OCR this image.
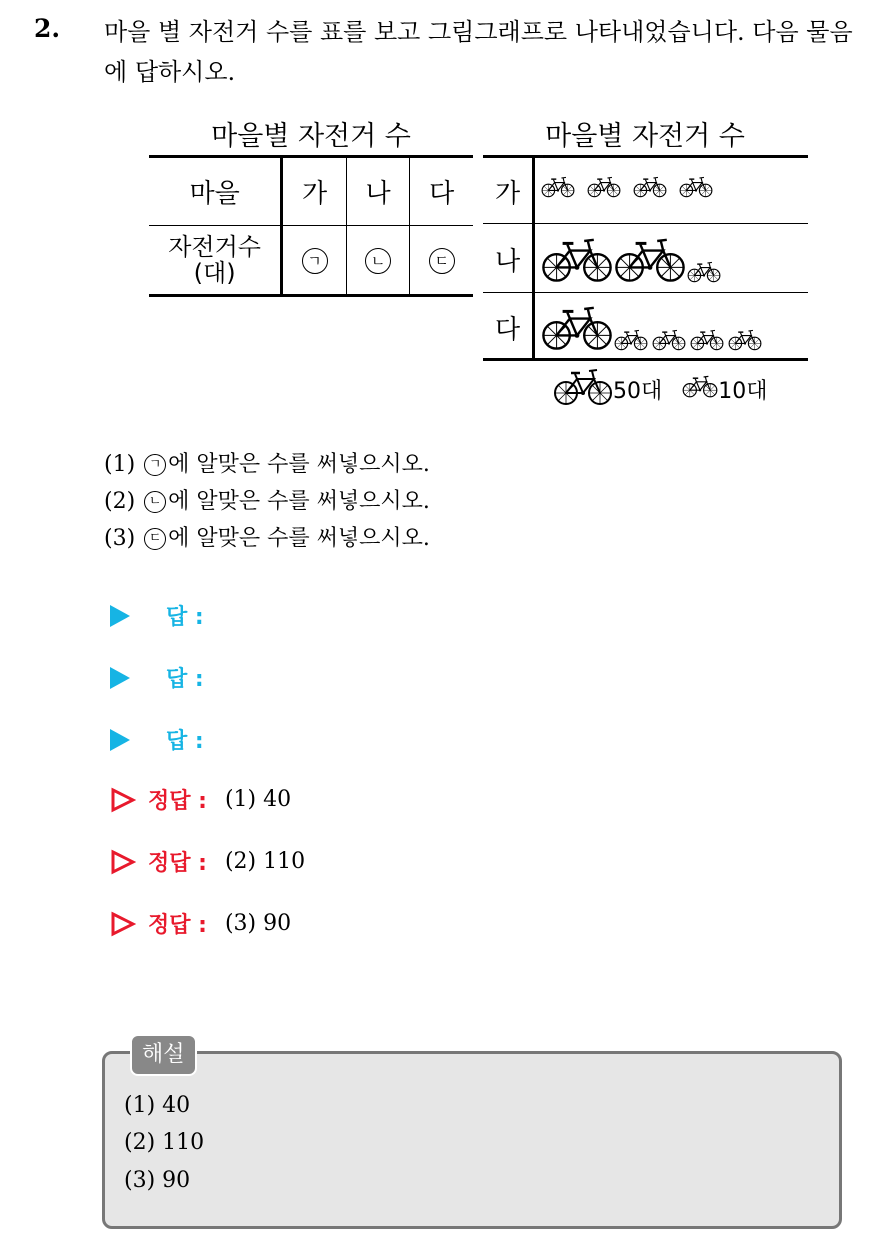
2. 마을 별 자전거 수를 표를 보고 그림그래프로 나타내었습니다. 다음 물음에 답하시오.
마을별 자전거 수
마을	가	나	다

자전거수
(대)	ㄱ	ㄴ	ㄷ
마을별 자전거 수
가
나
다
50대	10대
(1) ㄱ 에 알맞은 수를 써넣으시오.
(2) ㄴ 에 알맞은 수를 써넣으시오.
(3) ㄷ 에 알맞은 수를 써넣으시오.
답 :
답 :
답 :
정답 : (1) 40
정답 : (2) 110
정답 : (3) 90
해설
(1) 40
(2) 110
(3) 90
